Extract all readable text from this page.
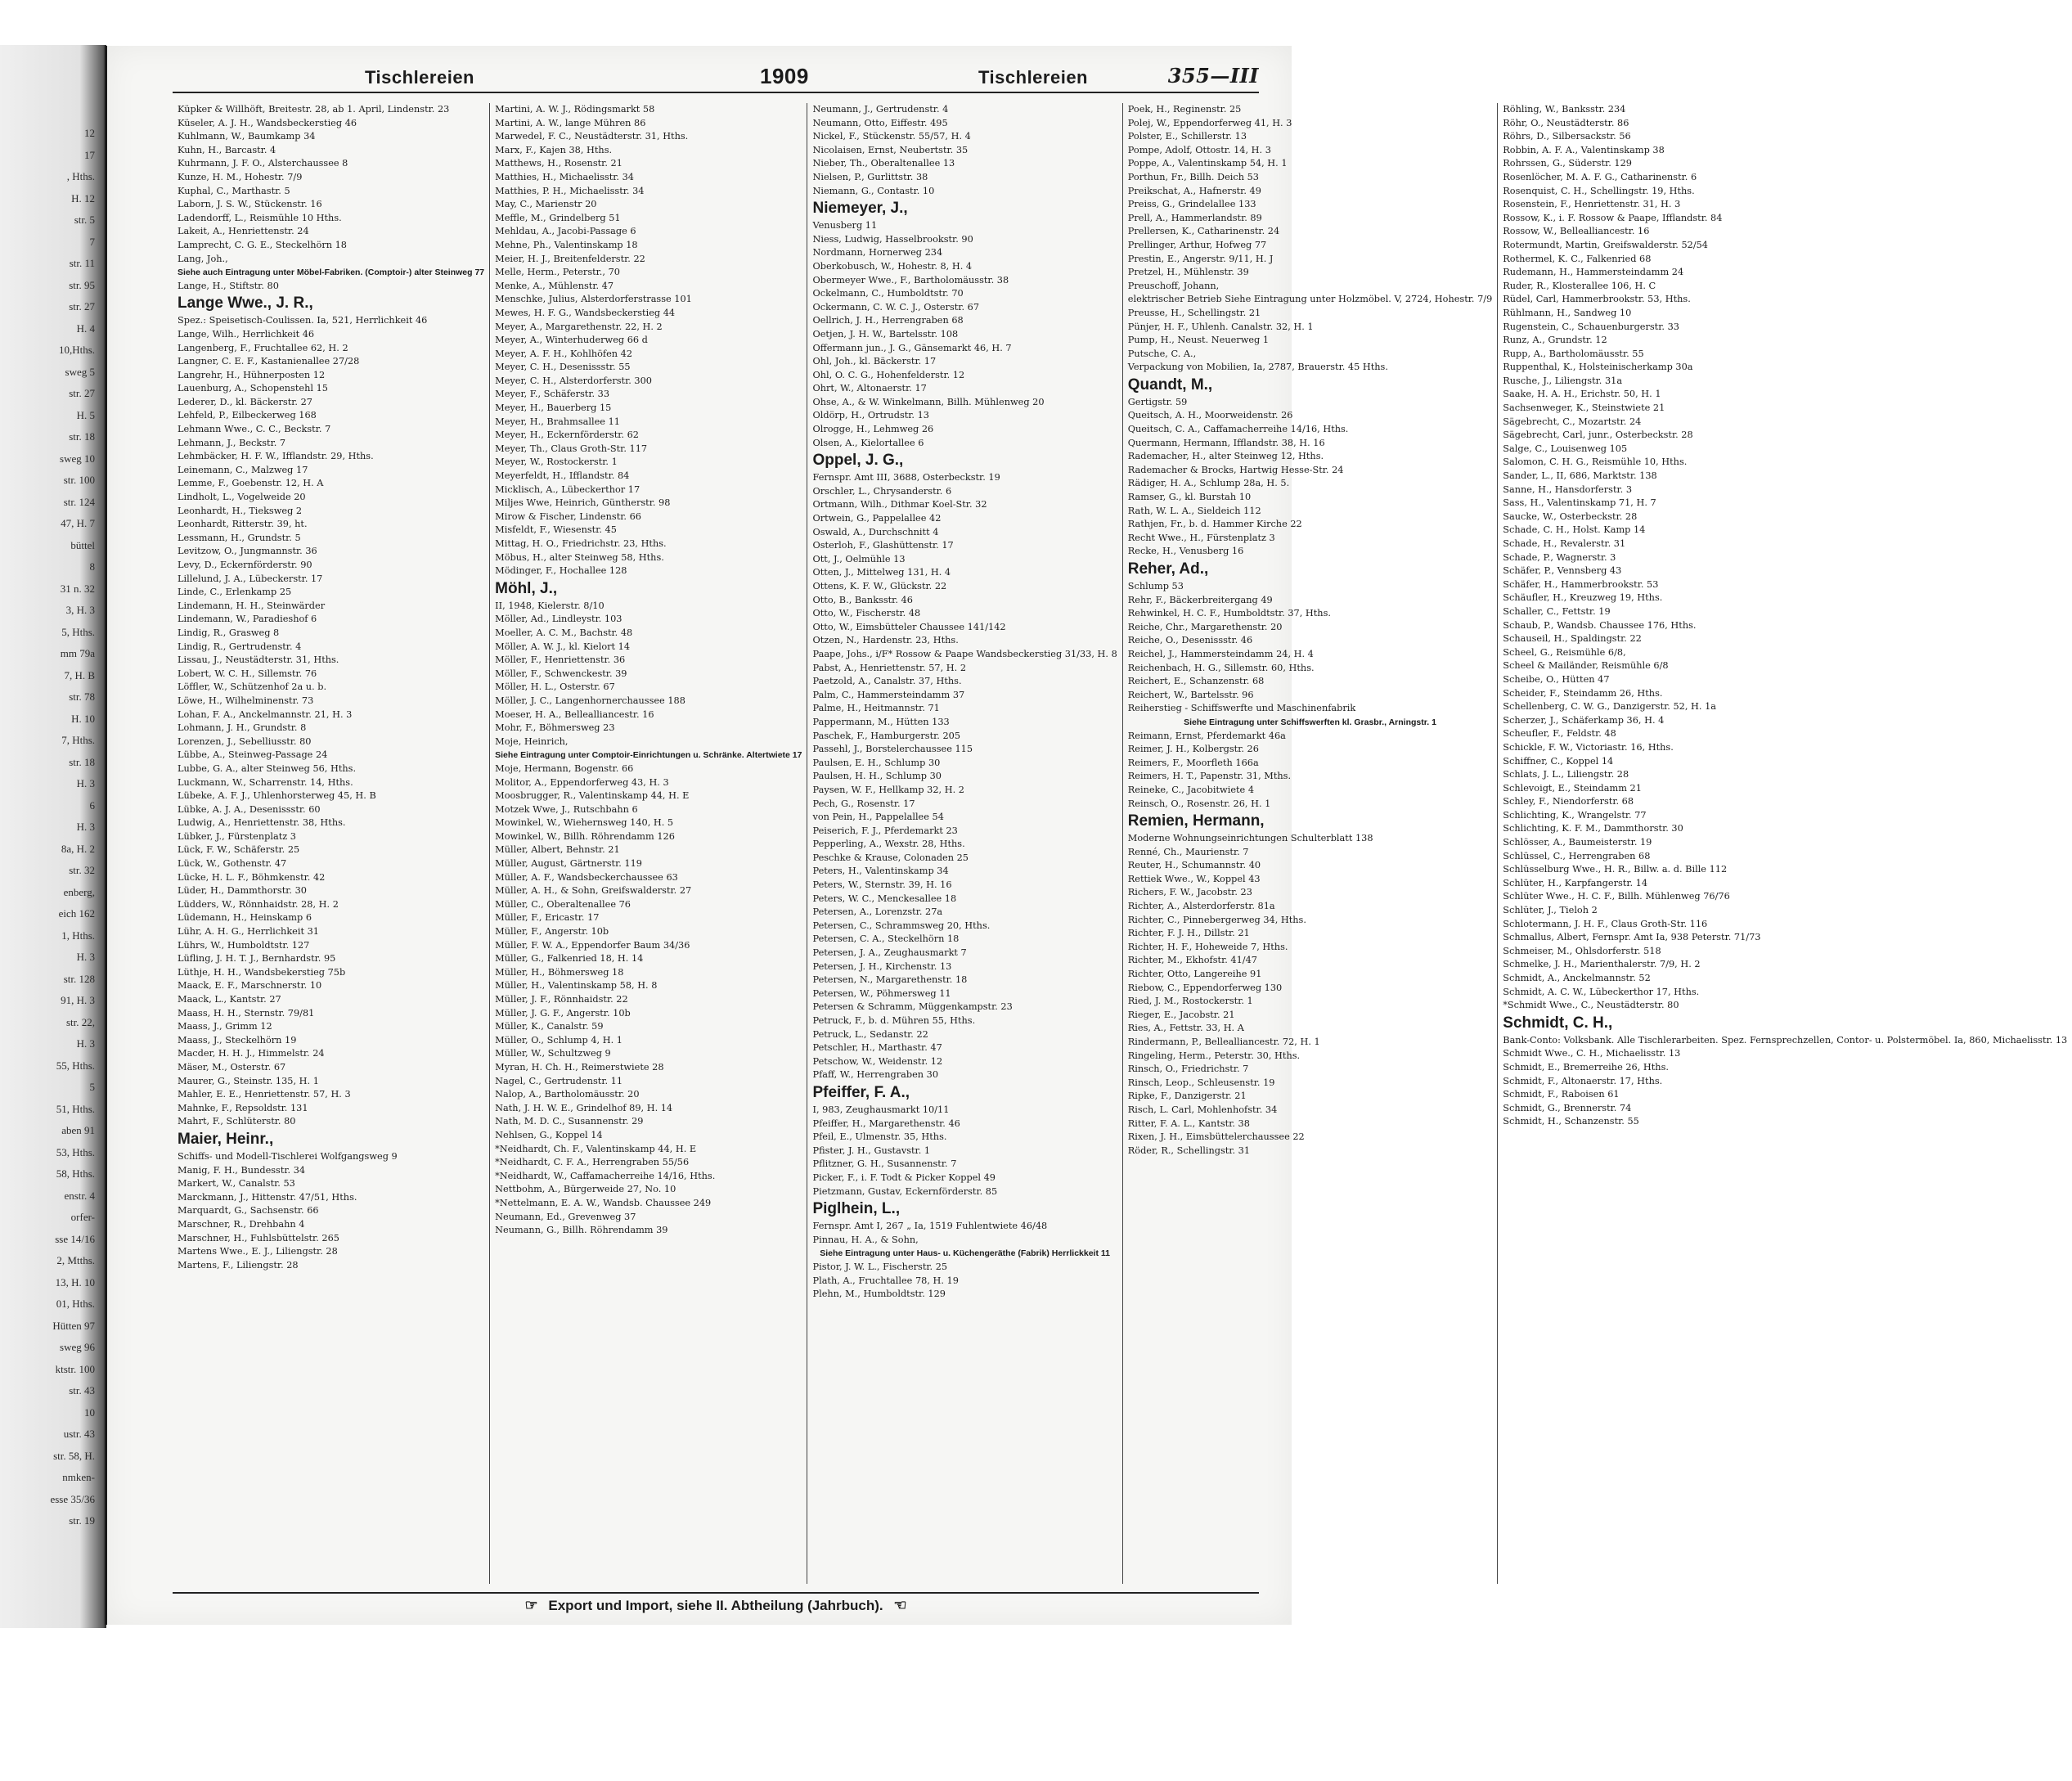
12
17
, Hths.
H. 12
str. 5
7
str. 11
str. 95
str. 27
H. 4
10,Hths.
sweg 5
str. 27
H. 5
str. 18
sweg 10
str. 100
str. 124
47, H. 7
büttel
8
31 n. 32
3, H. 3
5, Hths.
mm 79a
7, H. B
str. 78
H. 10
7, Hths.
str. 18
H. 3
6
H. 3
8a, H. 2
str. 32
enberg,
eich 162
1, Hths.
H. 3
str. 128
91, H. 3
str. 22,
H. 3
55, Hths.
5
51, Hths.
aben 91
53, Hths.
58, Hths.
enstr. 4
orfer-
sse 14/16
2, Mtths.
13, H. 10
01, Hths.
Hütten 97
sweg 96
ktstr. 100
str. 43
10
ustr. 43
str. 58, H.
nmken-
esse 35/36
str. 19
Tischlereien	1909	Tischlereien	355—III
Küpker & Willhöft, Breitestr. 28, ab 1. April, Lindenstr. 23
Küseler, A. J. H., Wandsbeckerstieg 46
Kuhlmann, W., Baumkamp 34
Kuhn, H., Barcastr. 4
Kuhrmann, J. F. O., Alsterchaussee 8
Kunze, H. M., Hohestr. 7/9
Kuphal, C., Marthastr. 5
Laborn, J. S. W., Stückenstr. 16
Ladendorff, L., Reismühle 10 Hths.
Lakeit, A., Henriettenstr. 24
Lamprecht, C. G. E., Steckelhörn 18
Lang, Joh.,
Siehe auch Eintragung unter Möbel-Fabriken. (Comptoir-) alter Steinweg 77
Lange, H., Stiftstr. 80
Lange Wwe., J. R.,
Spez.: Speisetisch-Coulissen. Ia, 521, Herrlichkeit 46
Lange, Wilh., Herrlichkeit 46
Langenberg, F., Fruchtallee 62, H. 2
Langner, C. E. F., Kastanienallee 27/28
Langrehr, H., Hühnerposten 12
Lauenburg, A., Schopenstehl 15
Lederer, D., kl. Bäckerstr. 27
Lehfeld, P., Eilbeckerweg 168
Lehmann Wwe., C. C., Beckstr. 7
Lehmann, J., Beckstr. 7
Lehmbäcker, H. F. W., Ifflandstr. 29, Hths.
Leinemann, C., Malzweg 17
Lemme, F., Goebenstr. 12, H. A
Lindholt, L., Vogelweide 20
Leonhardt, H., Tieksweg 2
Leonhardt, Ritterstr. 39, ht.
Lessmann, H., Grundstr. 5
Levitzow, O., Jungmannstr. 36
Levy, D., Eckernförderstr. 90
Lillelund, J. A., Lübeckerstr. 17
Linde, C., Erlenkamp 25
Lindemann, H. H., Steinwärder
Lindemann, W., Paradieshof 6
Lindig, R., Grasweg 8
Lindig, R., Gertrudenstr. 4
Lissau, J., Neustädterstr. 31, Hths.
Lobert, W. C. H., Sillemstr. 76
Löffler, W., Schützenhof 2a u. b.
Löwe, H., Wilhelminenstr. 73
Lohan, F. A., Anckelmannstr. 21, H. 3
Lohmann, J. H., Grundstr. 8
Lorenzen, J., Sebelliusstr. 80
Lübbe, A., Steinweg-Passage 24
Lubbe, G. A., alter Steinweg 56, Hths.
Luckmann, W., Scharrenstr. 14, Hths.
Lübeke, A. F. J., Uhlenhorsterweg 45, H. B
Lübke, A. J. A., Desenissstr. 60
Ludwig, A., Henriettenstr. 38, Hths.
Lübker, J., Fürstenplatz 3
Lück, F. W., Schäferstr. 25
Lück, W., Gothenstr. 47
Lücke, H. L. F., Böhmkenstr. 42
Lüder, H., Dammthorstr. 30
Lüdders, W., Rönnhaidstr. 28, H. 2
Lüdemann, H., Heinskamp 6
Lühr, A. H. G., Herrlichkeit 31
Lührs, W., Humboldtstr. 127
Lüfling, J. H. T. J., Bernhardstr. 95
Lüthje, H. H., Wandsbekerstieg 75b
Maack, E. F., Marschnerstr. 10
Maack, L., Kantstr. 27
Maass, H. H., Sternstr. 79/81
Maass, J., Grimm 12
Maass, J., Steckelhörn 19
Macder, H. H. J., Himmelstr. 24
Mäser, M., Osterstr. 67
Maurer, G., Steinstr. 135, H. 1
Mahler, E. E., Henriettenstr. 57, H. 3
Mahnke, F., Repsoldstr. 131
Mahrt, F., Schlüterstr. 80
Maier, Heinr.,
Schiffs- und Modell-Tischlerei Wolfgangsweg 9
Manig, F. H., Bundesstr. 34
Markert, W., Canalstr. 53
Marckmann, J., Hittenstr. 47/51, Hths.
Marquardt, G., Sachsenstr. 66
Marschner, R., Drehbahn 4
Marschner, H., Fuhlsbüttelstr. 265
Martens Wwe., E. J., Liliengstr. 28
Martens, F., Liliengstr. 28
Martini, A. W. J., Rödingsmarkt 58
Martini, A. W., lange Mühren 86
Marwedel, F. C., Neustädterstr. 31, Hths.
Marx, F., Kajen 38, Hths.
Matthews, H., Rosenstr. 21
Matthies, H., Michaelisstr. 34
Matthies, P. H., Michaelisstr. 34
May, C., Marienstr 20
Meffle, M., Grindelberg 51
Mehldau, A., Jacobi-Passage 6
Mehne, Ph., Valentinskamp 18
Meier, H. J., Breitenfelderstr. 22
Melle, Herm., Peterstr., 70
Menke, A., Mühlenstr. 47
Menschke, Julius, Alsterdorferstrasse 101
Mewes, H. F. G., Wandsbeckerstieg 44
Meyer, A., Margarethenstr. 22, H. 2
Meyer, A., Winterhuderweg 66 d
Meyer, A. F. H., Kohlhöfen 42
Meyer, C. H., Desenissstr. 55
Meyer, C. H., Alsterdorferstr. 300
Meyer, F., Schäferstr. 33
Meyer, H., Bauerberg 15
Meyer, H., Brahmsallee 11
Meyer, H., Eckernförderstr. 62
Meyer, Th., Claus Groth-Str. 117
Meyer, W., Rostockerstr. 1
Meyerfeldt, H., Ifflandstr. 84
Micklisch, A., Lübeckerthor 17
Miljes Wwe, Heinrich, Güntherstr. 98
Mirow & Fischer, Lindenstr. 66
Misfeldt, F., Wiesenstr. 45
Mittag, H. O., Friedrichstr. 23, Hths.
Möbus, H., alter Steinweg 58, Hths.
Mödinger, F., Hochallee 128
Möhl, J.,
II, 1948, Kielerstr. 8/10
Möller, Ad., Lindleystr. 103
Moeller, A. C. M., Bachstr. 48
Möller, A. W. J., kl. Kielort 14
Möller, F., Henriettenstr. 36
Möller, F., Schwenckestr. 39
Möller, H. L., Osterstr. 67
Möller, J. C., Langenhornerchaussee 188
Moeser, H. A., Bellealliancestr. 16
Mohr, F., Böhmersweg 23
Moje, Heinrich,
Siehe Eintragung unter Comptoir-Einrichtungen u. Schränke. Altertwiete 17
Moje, Hermann, Bogenstr. 66
Molitor, A., Eppendorferweg 43, H. 3
Moosbrugger, R., Valentinskamp 44, H. E
Motzek Wwe, J., Rutschbahn 6
Mowinkel, W., Wiehernsweg 140, H. 5
Mowinkel, W., Billh. Röhrendamm 126
Müller, Albert, Behnstr. 21
Müller, August, Gärtnerstr. 119
Müller, A. F., Wandsbeckerchaussee 63
Müller, A. H., & Sohn, Greifswalderstr. 27
Müller, C., Oberaltenallee 76
Müller, F., Ericastr. 17
Müller, F., Angerstr. 10b
Müller, F. W. A., Eppendorfer Baum 34/36
Müller, G., Falkenried 18, H. 14
Müller, H., Böhmersweg 18
Müller, H., Valentinskamp 58, H. 8
Müller, J. F., Rönnhaidstr. 22
Müller, J. G. F., Angerstr. 10b
Müller, K., Canalstr. 59
Müller, O., Schlump 4, H. 1
Müller, W., Schultzweg 9
Myran, H. Ch. H., Reimerstwiete 28
Nagel, C., Gertrudenstr. 11
Nalop, A., Bartholomäusstr. 20
Nath, J. H. W. E., Grindelhof 89, H. 14
Nath, M. D. C., Susannenstr. 29
Nehlsen, G., Koppel 14
*Neidhardt, Ch. F., Valentinskamp 44, H. E
*Neidhardt, C. F. A., Herrengraben 55/56
*Neidhardt, W., Caffamacherreihe 14/16, Hths.
Nettbohm, A., Bürgerweide 27, No. 10
*Nettelmann, E. A. W., Wandsb. Chaussee 249
Neumann, Ed., Grevenweg 37
Neumann, G., Billh. Röhrendamm 39
Neumann, J., Gertrudenstr. 4
Neumann, Otto, Eiffestr. 495
Nickel, F., Stückenstr. 55/57, H. 4
Nicolaisen, Ernst, Neubertstr. 35
Nieber, Th., Oberaltenallee 13
Nielsen, P., Gurlittstr. 38
Niemann, G., Contastr. 10
Niemeyer, J.,
Venusberg 11
Niess, Ludwig, Hasselbrookstr. 90
Nordmann, Hornerweg 234
Oberkobusch, W., Hohestr. 8, H. 4
Obermeyer Wwe., F., Bartholomäusstr. 38
Ockelmann, C., Humboldtstr. 70
Ockermann, C. W. C. J., Osterstr. 67
Oellrich, J. H., Herrengraben 68
Oetjen, J. H. W., Bartelsstr. 108
Offermann jun., J. G., Gänsemarkt 46, H. 7
Ohl, Joh., kl. Bäckerstr. 17
Ohl, O. C. G., Hohenfelderstr. 12
Ohrt, W., Altonaerstr. 17
Ohse, A., & W. Winkelmann, Billh. Mühlenweg 20
Oldörp, H., Ortrudstr. 13
Olrogge, H., Lehmweg 26
Olsen, A., Kielortallee 6
Oppel, J. G.,
Fernspr. Amt III, 3688, Osterbeckstr. 19
Orschler, L., Chrysanderstr. 6
Ortmann, Wilh., Dithmar Koel-Str. 32
Ortwein, G., Pappelallee 42
Oswald, A., Durchschnitt 4
Osterloh, F., Glashüttenstr. 17
Ott, J., Oelmühle 13
Otten, J., Mittelweg 131, H. 4
Ottens, K. F. W., Glückstr. 22
Otto, B., Banksstr. 46
Otto, W., Fischerstr. 48
Otto, W., Eimsbütteler Chaussee 141/142
Otzen, N., Hardenstr. 23, Hths.
Paape, Johs., i/F* Rossow & Paape Wandsbeckerstieg 31/33, H. 8
Pabst, A., Henriettenstr. 57, H. 2
Paetzold, A., Canalstr. 37, Hths.
Palm, C., Hammersteindamm 37
Palme, H., Heitmannstr. 71
Pappermann, M., Hütten 133
Paschek, F., Hamburgerstr. 205
Passehl, J., Borstelerchaussee 115
Paulsen, E. H., Schlump 30
Paulsen, H. H., Schlump 30
Paysen, W. F., Hellkamp 32, H. 2
Pech, G., Rosenstr. 17
von Pein, H., Pappelallee 54
Peiserich, F. J., Pferdemarkt 23
Pepperling, A., Wexstr. 28, Hths.
Peschke & Krause, Colonaden 25
Peters, H., Valentinskamp 34
Peters, W., Sternstr. 39, H. 16
Peters, W. C., Menckesallee 18
Petersen, A., Lorenzstr. 27a
Petersen, C., Schrammsweg 20, Hths.
Petersen, C. A., Steckelhörn 18
Petersen, J. A., Zeughausmarkt 7
Petersen, J. H., Kirchenstr. 13
Petersen, N., Margarethenstr. 18
Petersen, W., Pöhmersweg 11
Petersen & Schramm, Müggenkampstr. 23
Petruck, F., b. d. Mühren 55, Hths.
Petruck, L., Sedanstr. 22
Petschler, H., Marthastr. 47
Petschow, W., Weidenstr. 12
Pfaff, W., Herrengraben 30
Pfeiffer, F. A.,
I, 983, Zeughausmarkt 10/11
Pfeiffer, H., Margarethenstr. 46
Pfeil, E., Ulmenstr. 35, Hths.
Pfister, J. H., Gustavstr. 1
Pflitzner, G. H., Susannenstr. 7
Picker, F., i. F. Todt & Picker Koppel 49
Pietzmann, Gustav, Eckernförderstr. 85
Piglhein, L.,
Fernspr. Amt I, 267 „ Ia, 1519 Fuhlentwiete 46/48
Pinnau, H. A., & Sohn,
Siehe Eintragung unter Haus- u. Küchengeräthe (Fabrik) Herrlickkeit 11
Pistor, J. W. L., Fischerstr. 25
Plath, A., Fruchtallee 78, H. 19
Plehn, M., Humboldtstr. 129
Poek, H., Reginenstr. 25
Polej, W., Eppendorferweg 41, H. 3
Polster, E., Schillerstr. 13
Pompe, Adolf, Ottostr. 14, H. 3
Poppe, A., Valentinskamp 54, H. 1
Porthun, Fr., Billh. Deich 53
Preikschat, A., Hafnerstr. 49
Preiss, G., Grindelallee 133
Prell, A., Hammerlandstr. 89
Prellersen, K., Catharinenstr. 24
Prellinger, Arthur, Hofweg 77
Prestin, E., Angerstr. 9/11, H. J
Pretzel, H., Mühlenstr. 39
Preuschoff, Johann,
elektrischer Betrieb Siehe Eintragung unter Holzmöbel. V, 2724, Hohestr. 7/9
Preusse, H., Schellingstr. 21
Pünjer, H. F., Uhlenh. Canalstr. 32, H. 1
Pump, H., Neust. Neuerweg 1
Putsche, C. A.,
Verpackung von Mobilien, Ia, 2787, Brauerstr. 45 Hths.
Quandt, M.,
Gertigstr. 59
Queitsch, A. H., Moorweidenstr. 26
Queitsch, C. A., Caffamacherreihe 14/16, Hths.
Quermann, Hermann, Ifflandstr. 38, H. 16
Rademacher, H., alter Steinweg 12, Hths.
Rademacher & Brocks, Hartwig Hesse-Str. 24
Rädiger, H. A., Schlump 28a, H. 5.
Ramser, G., kl. Burstah 10
Rath, W. L. A., Sieldeich 112
Rathjen, Fr., b. d. Hammer Kirche 22
Recht Wwe., H., Fürstenplatz 3
Recke, H., Venusberg 16
Reher, Ad.,
Schlump 53
Rehr, F., Bäckerbreitergang 49
Rehwinkel, H. C. F., Humboldtstr. 37, Hths.
Reiche, Chr., Margarethenstr. 20
Reiche, O., Desenissstr. 46
Reichel, J., Hammersteindamm 24, H. 4
Reichenbach, H. G., Sillemstr. 60, Hths.
Reichert, E., Schanzenstr. 68
Reichert, W., Bartelsstr. 96
Reiherstieg - Schiffswerfte und Maschinenfabrik
Siehe Eintragung unter Schiffswerften kl. Grasbr., Arningstr. 1
Reimann, Ernst, Pferdemarkt 46a
Reimer, J. H., Kolbergstr. 26
Reimers, F., Moorfleth 166a
Reimers, H. T., Papenstr. 31, Mths.
Reineke, C., Jacobitwiete 4
Reinsch, O., Rosenstr. 26, H. 1
Remien, Hermann,
Moderne Wohnungseinrichtungen Schulterblatt 138
Renné, Ch., Maurienstr. 7
Reuter, H., Schumannstr. 40
Rettiek Wwe., W., Koppel 43
Richers, F. W., Jacobstr. 23
Richter, A., Alsterdorferstr. 81a
Richter, C., Pinnebergerweg 34, Hths.
Richter, F. J. H., Dillstr. 21
Richter, H. F., Hoheweide 7, Hths.
Richter, M., Ekhofstr. 41/47
Richter, Otto, Langereihe 91
Riebow, C., Eppendorferweg 130
Ried, J. M., Rostockerstr. 1
Rieger, E., Jacobstr. 21
Ries, A., Fettstr. 33, H. A
Rindermann, P., Bellealliancestr. 72, H. 1
Ringeling, Herm., Peterstr. 30, Hths.
Rinsch, O., Friedrichstr. 7
Rinsch, Leop., Schleusenstr. 19
Ripke, F., Danzigerstr. 21
Risch, L. Carl, Mohlenhofstr. 34
Ritter, F. A. L., Kantstr. 38
Rixen, J. H., Eimsbüttelerchaussee 22
Röder, R., Schellingstr. 31
Röhling, W., Banksstr. 234
Röhr, O., Neustädterstr. 86
Röhrs, D., Silbersackstr. 56
Robbin, A. F. A., Valentinskamp 38
Rohrssen, G., Süderstr. 129
Rosenlöcher, M. A. F. G., Catharinenstr. 6
Rosenquist, C. H., Schellingstr. 19, Hths.
Rosenstein, F., Henriettenstr. 31, H. 3
Rossow, K., i. F. Rossow & Paape, Ifflandstr. 84
Rossow, W., Bellealliancestr. 16
Rotermundt, Martin, Greifswalderstr. 52/54
Rothermel, K. C., Falkenried 68
Rudemann, H., Hammersteindamm 24
Ruder, R., Klosterallee 106, H. C
Rüdel, Carl, Hammerbrookstr. 53, Hths.
Rühlmann, H., Sandweg 10
Rugenstein, C., Schauenburgerstr. 33
Runz, A., Grundstr. 12
Rupp, A., Bartholomäusstr. 55
Ruppenthal, K., Holsteinischerkamp 30a
Rusche, J., Liliengstr. 31a
Saake, H. A. H., Erichstr. 50, H. 1
Sachsenweger, K., Steinstwiete 21
Sägebrecht, C., Mozartstr. 24
Sägebrecht, Carl, junr., Osterbeckstr. 28
Salge, C., Louisenweg 105
Salomon, C. H. G., Reismühle 10, Hths.
Sander, L., II, 686, Marktstr. 138
Sanne, H., Hansdorferstr. 3
Sass, H., Valentinskamp 71, H. 7
Saucke, W., Osterbeckstr. 28
Schade, C. H., Holst. Kamp 14
Schade, H., Revalerstr. 31
Schade, P., Wagnerstr. 3
Schäfer, P., Vennsberg 43
Schäfer, H., Hammerbrookstr. 53
Schäufler, H., Kreuzweg 19, Hths.
Schaller, C., Fettstr. 19
Schaub, P., Wandsb. Chaussee 176, Hths.
Schauseil, H., Spaldingstr. 22
Scheel, G., Reismühle 6/8,
Scheel & Mailänder, Reismühle 6/8
Scheibe, O., Hütten 47
Scheider, F., Steindamm 26, Hths.
Schellenberg, C. W. G., Danzigerstr. 52, H. 1a
Scherzer, J., Schäferkamp 36, H. 4
Scheufler, F., Feldstr. 48
Schickle, F. W., Victoriastr. 16, Hths.
Schiffner, C., Koppel 14
Schlats, J. L., Liliengstr. 28
Schlevoigt, E., Steindamm 21
Schley, F., Niendorferstr. 68
Schlichting, K., Wrangelstr. 77
Schlichting, K. F. M., Dammthorstr. 30
Schlösser, A., Baumeisterstr. 19
Schlüssel, C., Herrengraben 68
Schlüsselburg Wwe., H. R., Billw. a. d. Bille 112
Schlüter, H., Karpfangerstr. 14
Schlüter Wwe., H. C. F., Billh. Mühlenweg 76/76
Schlüter, J., Tieloh 2
Schlotermann, J. H. F., Claus Groth-Str. 116
Schmallus, Albert, Fernspr. Amt Ia, 938 Peterstr. 71/73
Schmeiser, M., Ohlsdorferstr. 518
Schmelke, J. H., Marienthalerstr. 7/9, H. 2
Schmidt, A., Anckelmannstr. 52
Schmidt, A. C. W., Lübeckerthor 17, Hths.
*Schmidt Wwe., C., Neustädterstr. 80
Schmidt, C. H.,
Bank-Conto: Volksbank. Alle Tischlerarbeiten. Spez. Fernsprechzellen, Contor- u. Polstermöbel. Ia, 860, Michaelisstr. 13
Schmidt Wwe., C. H., Michaelisstr. 13
Schmidt, E., Bremerreihe 26, Hths.
Schmidt, F., Altonaerstr. 17, Hths.
Schmidt, F., Raboisen 61
Schmidt, G., Brennerstr. 74
Schmidt, H., Schanzenstr. 55
☞ Export und Import, siehe II. Abtheilung (Jahrbuch). ☜
